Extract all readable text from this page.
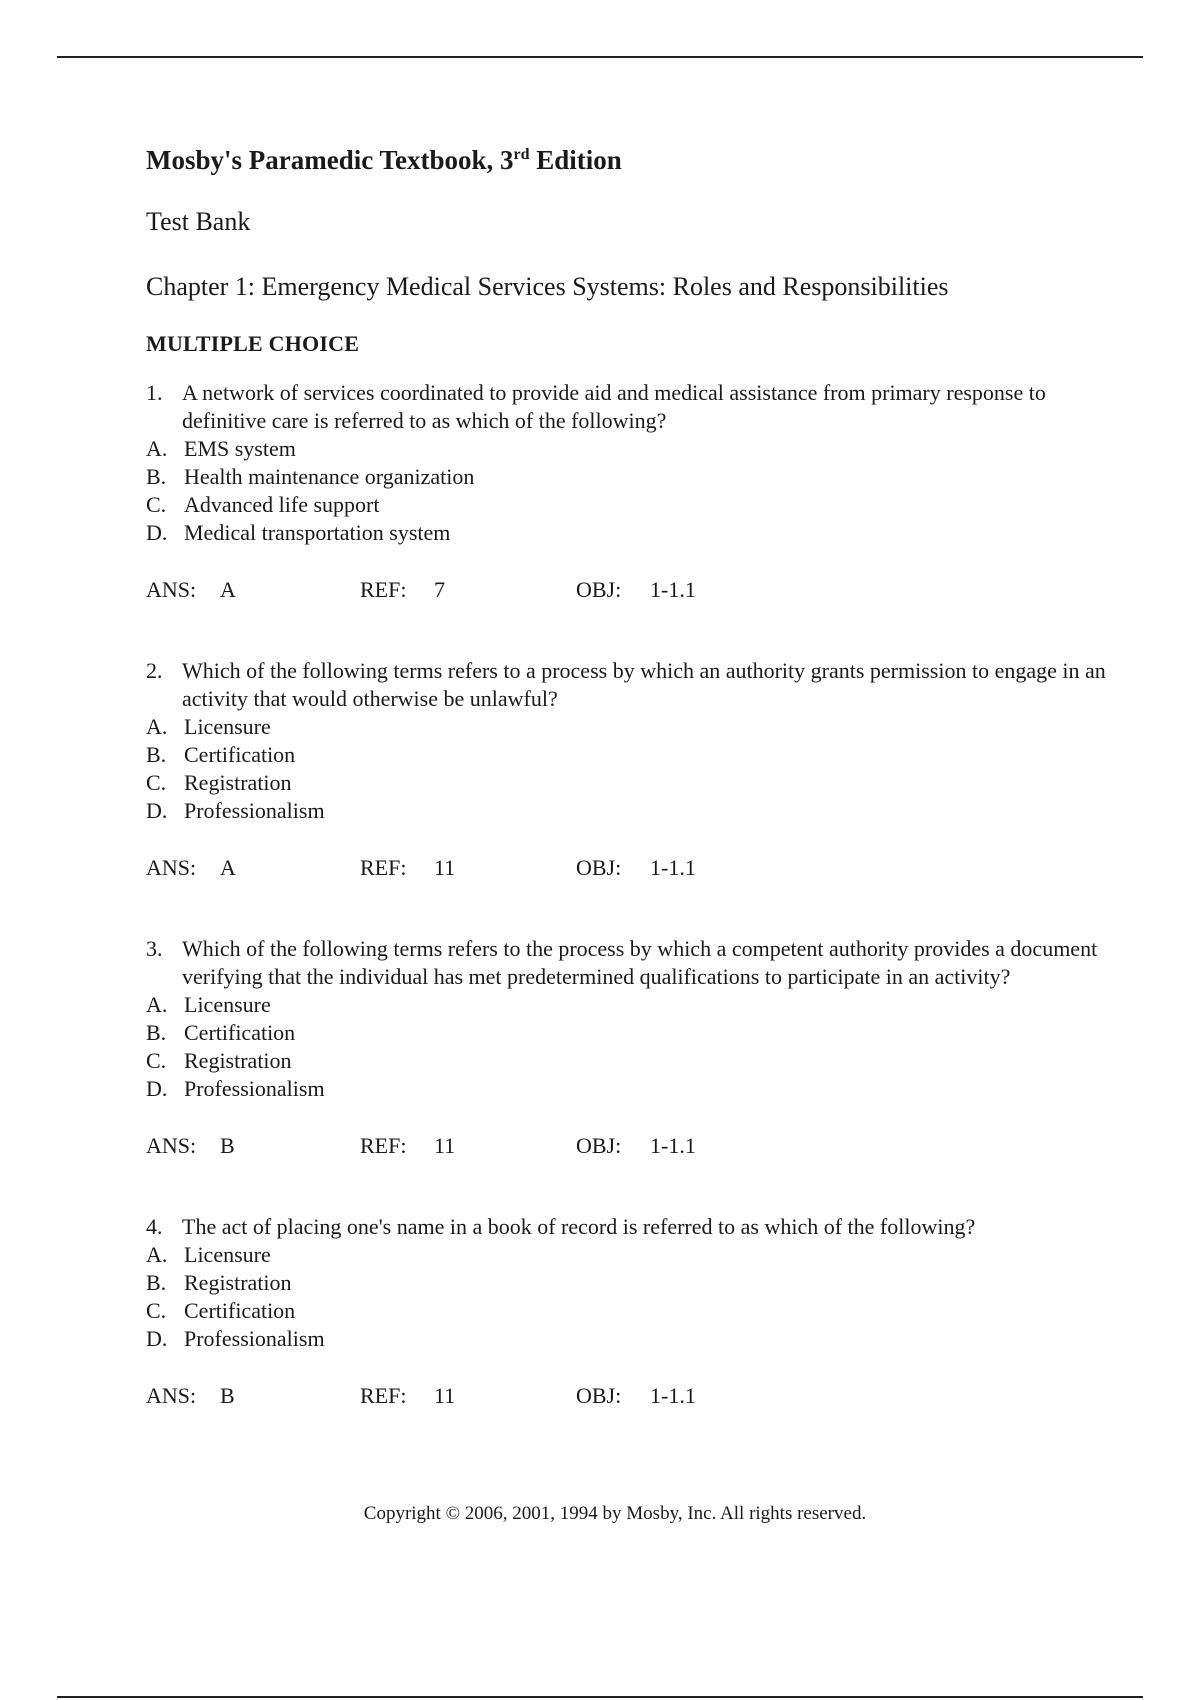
Mosby's Paramedic Textbook, 3rd Edition
Test Bank
Chapter 1: Emergency Medical Services Systems: Roles and Responsibilities
MULTIPLE CHOICE
1. A network of services coordinated to provide aid and medical assistance from primary response to definitive care is referred to as which of the following?
A. EMS system
B. Health maintenance organization
C. Advanced life support
D. Medical transportation system
ANS: A	REF: 7	OBJ: 1-1.1
2. Which of the following terms refers to a process by which an authority grants permission to engage in an activity that would otherwise be unlawful?
A. Licensure
B. Certification
C. Registration
D. Professionalism
ANS: A	REF: 11	OBJ: 1-1.1
3. Which of the following terms refers to the process by which a competent authority provides a document verifying that the individual has met predetermined qualifications to participate in an activity?
A. Licensure
B. Certification
C. Registration
D. Professionalism
ANS: B	REF: 11	OBJ: 1-1.1
4. The act of placing one's name in a book of record is referred to as which of the following?
A. Licensure
B. Registration
C. Certification
D. Professionalism
ANS: B	REF: 11	OBJ: 1-1.1
Copyright © 2006, 2001, 1994 by Mosby, Inc. All rights reserved.
